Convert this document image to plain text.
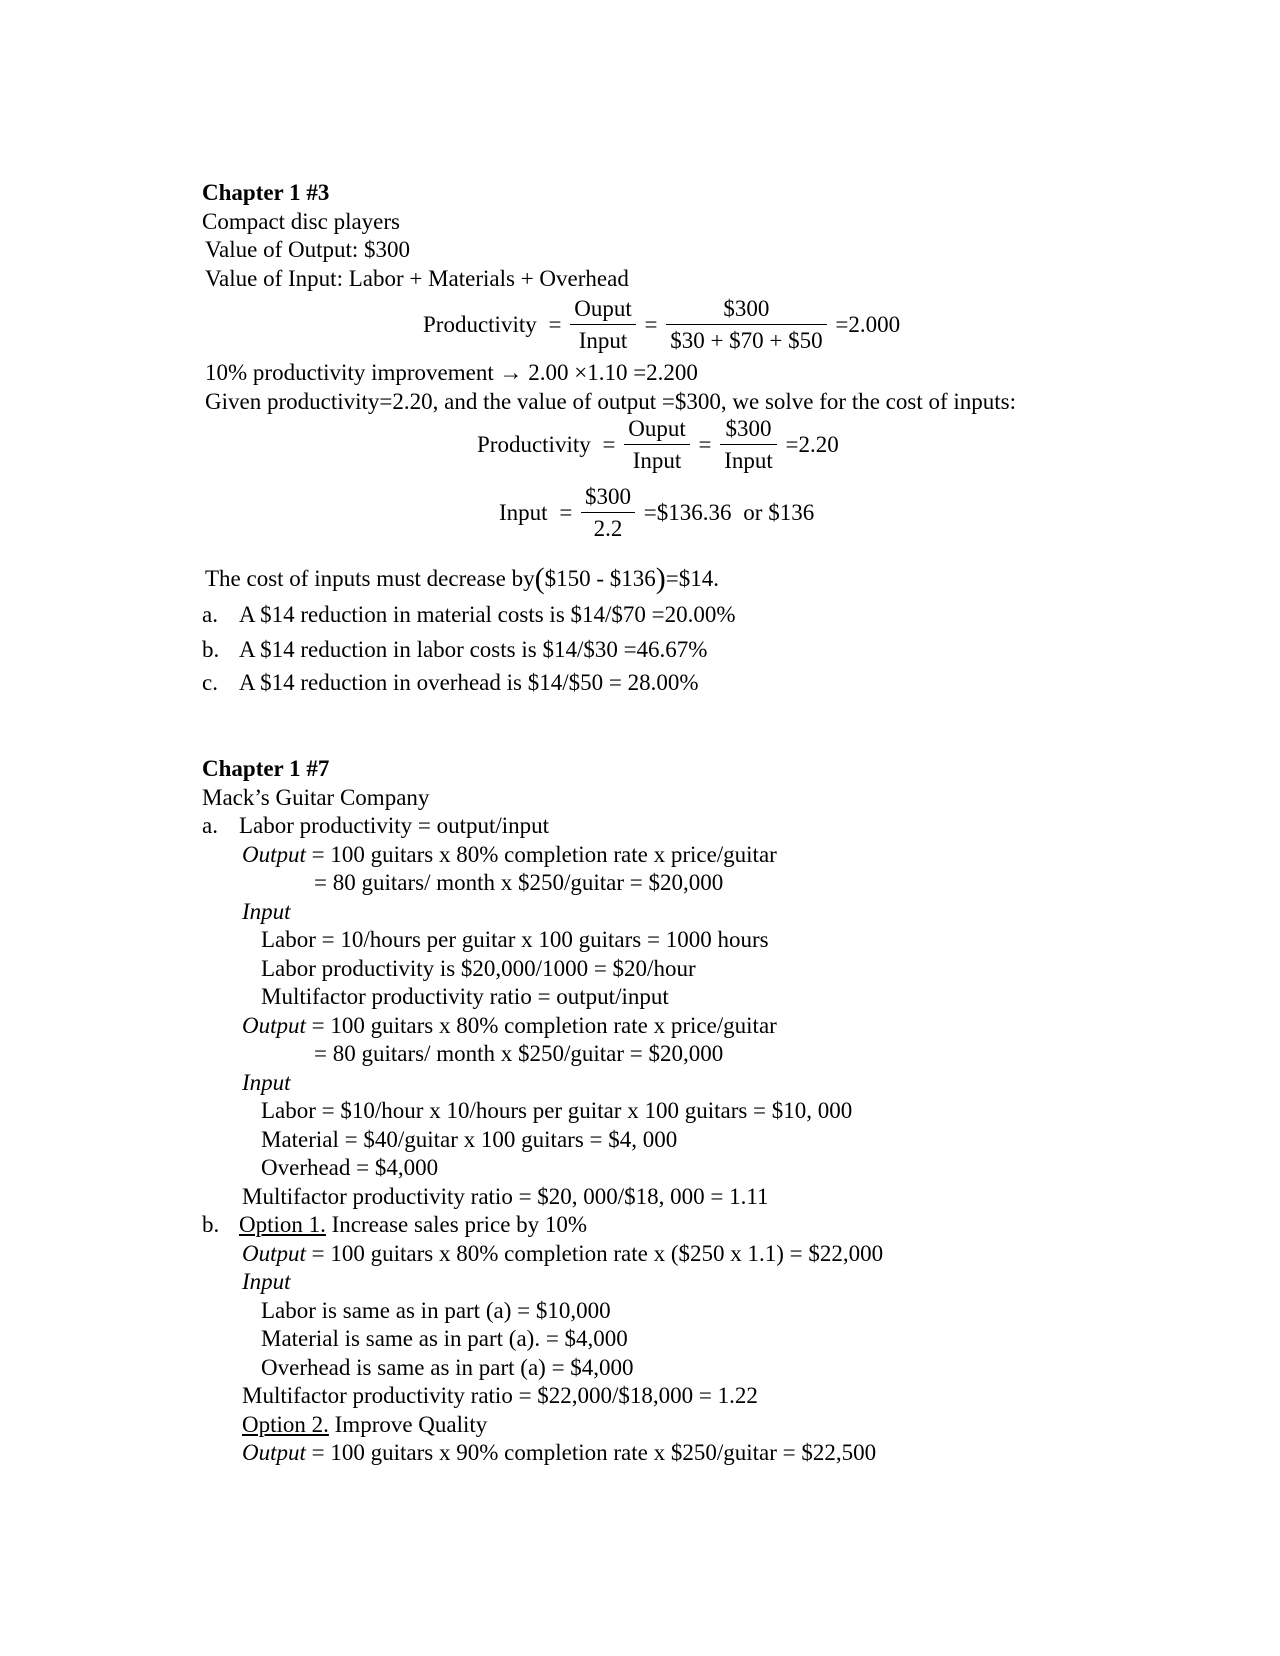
Chapter 1 #3
Compact disc players
Value of Output: $300
Value of Input: Labor + Materials + Overhead
Productivity = $\frac{\text{Ouput}}{\text{Input}} = \frac{\$300}{\$30 + \$70 + \$50} =2.000$
10% productivity improvement → 2.00 ×1.10 =2.200
Given productivity=2.20, and the value of output =$300, we solve for the cost of inputs:
Productivity = $\frac{\text{Ouput}}{\text{Input}} = \frac{\$300}{\text{Input}} =2.20$
Input = $\frac{\$300}{2.2}$ =$136.36 or $136
The cost of inputs must decrease by($150 - $136)=$14.
a. A $14 reduction in material costs is $14/$70 =20.00%
b. A $14 reduction in labor costs is $14/$30 =46.67%
c. A $14 reduction in overhead is $14/$50 = 28.00%
Chapter 1 #7
Mack’s Guitar Company
a. Labor productivity = output/input
Output = 100 guitars x 80% completion rate x price/guitar
= 80 guitars/ month x $250/guitar = $20,000
Input
Labor = 10/hours per guitar x 100 guitars = 1000 hours
Labor productivity is $20,000/1000 = $20/hour
Multifactor productivity ratio = output/input
Output = 100 guitars x 80% completion rate x price/guitar
= 80 guitars/ month x $250/guitar = $20,000
Input
Labor = $10/hour x 10/hours per guitar x 100 guitars = $10, 000
Material = $40/guitar x 100 guitars = $4, 000
Overhead = $4,000
Multifactor productivity ratio = $20, 000/$18, 000 = 1.11
b. Option 1. Increase sales price by 10%
Output = 100 guitars x 80% completion rate x ($250 x 1.1) = $22,000
Input
Labor is same as in part (a) = $10,000
Material is same as in part (a). = $4,000
Overhead is same as in part (a) = $4,000
Multifactor productivity ratio = $22,000/$18,000 = 1.22
Option 2. Improve Quality
Output = 100 guitars x 90% completion rate x $250/guitar = $22,500
